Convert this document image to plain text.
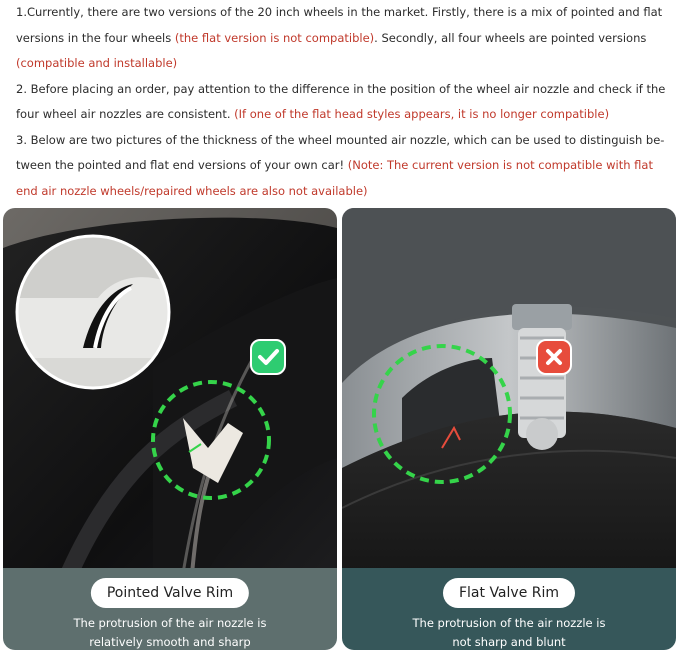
1.Currently, there are two versions of the 20 inch wheels in the market. Firstly, there is a mix of pointed and flat versions in the four wheels (the flat version is not compatible). Secondly, all four wheels are pointed versions (compatible and installable)

2. Before placing an order, pay attention to the difference in the position of the wheel air nozzle and check if the four wheel air nozzles are consistent. (If one of the flat head styles appears, it is no longer compatible)

3. Below are two pictures of the thickness of the wheel mounted air nozzle, which can be used to distinguish be-tween the pointed and flat end versions of your own car! (Note: The current version is not compatible with flat end air nozzle wheels/repaired wheels are also not available)

Pointed Valve Rim
The protrusion of the air nozzle is
relatively smooth and sharp
Flat Valve Rim
The protrusion of the air nozzle is
not sharp and blunt
